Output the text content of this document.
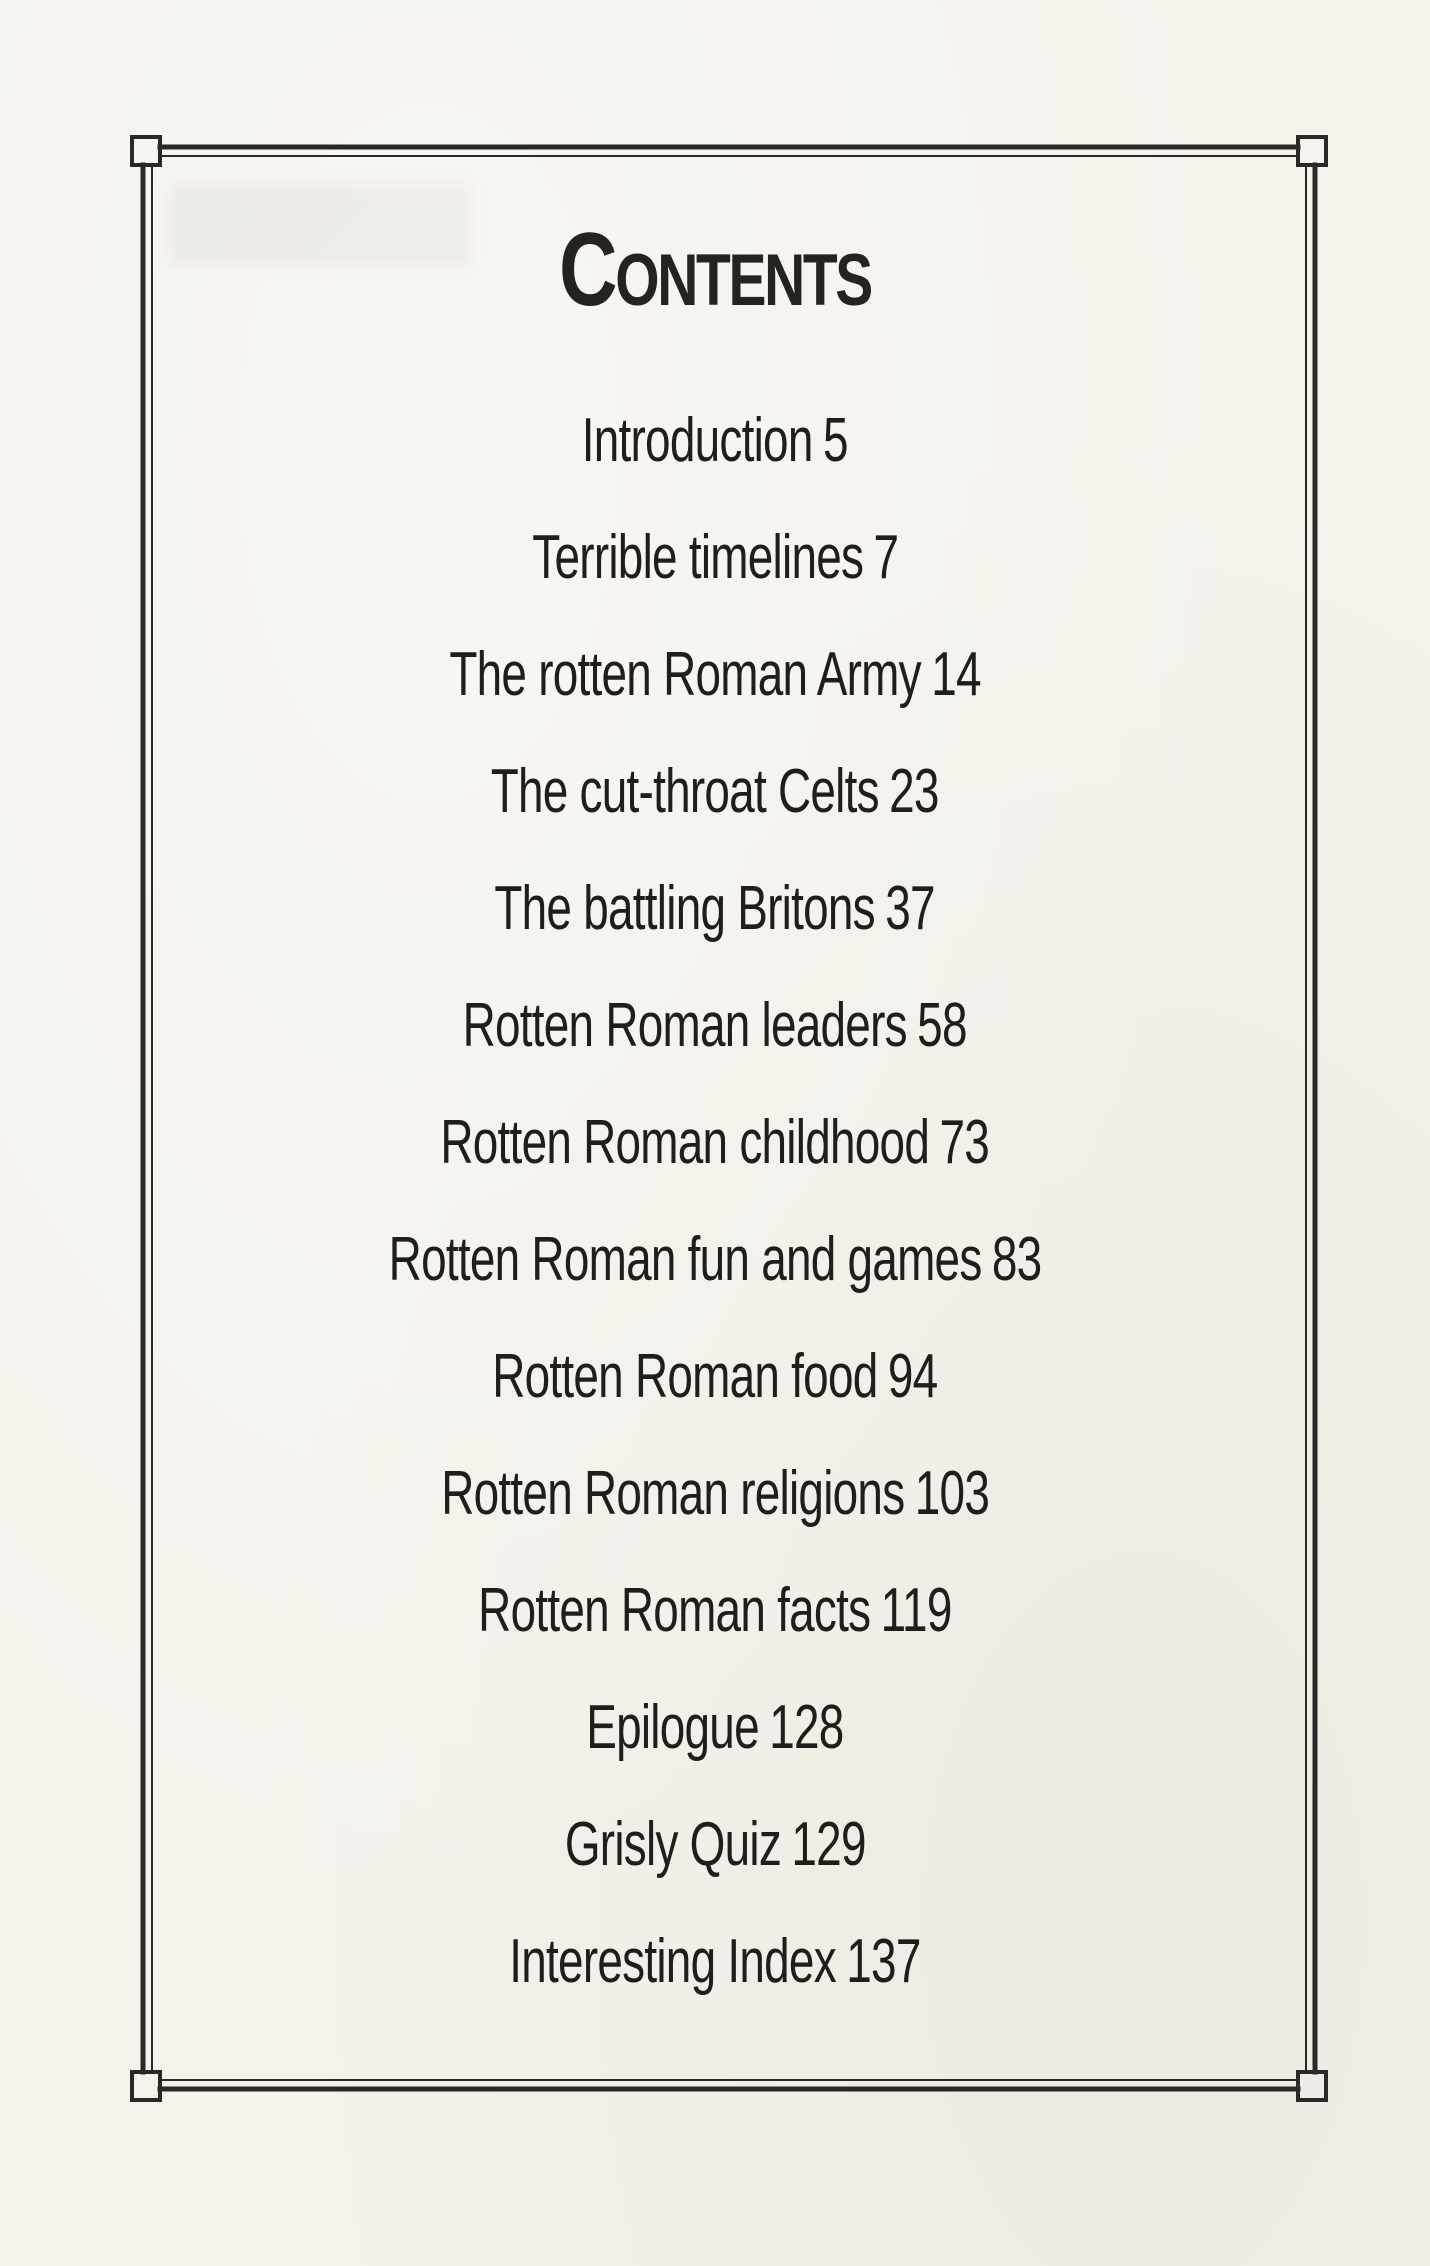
Contents
Introduction 5
Terrible timelines 7
The rotten Roman Army 14
The cut-throat Celts 23
The battling Britons 37
Rotten Roman leaders 58
Rotten Roman childhood 73
Rotten Roman fun and games 83
Rotten Roman food 94
Rotten Roman religions 103
Rotten Roman facts 119
Epilogue 128
Grisly Quiz 129
Interesting Index 137
